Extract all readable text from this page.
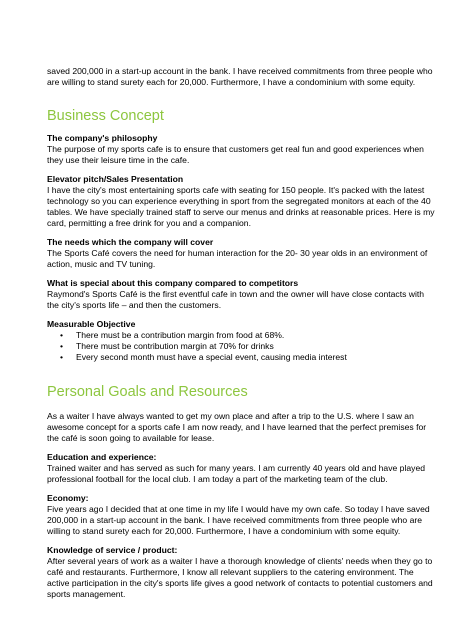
saved 200,000 in a start-up account in the bank. I have received commitments from three people who are willing to stand surety each for 20,000. Furthermore, I have a condominium with some equity.

Business Concept

The company's philosophy

The purpose of my sports cafe is to ensure that customers get real fun and good experiences when they use their leisure time in the cafe.

Elevator pitch/Sales Presentation

I have the city's most entertaining sports cafe with seating for 150 people. It's packed with the latest technology so you can experience everything in sport from the segregated monitors at each of the 40 tables. We have specially trained staff to serve our menus and drinks at reasonable prices. Here is my card, permitting a free drink for you and a companion.

The needs which the company will cover

The Sports Café covers the need for human interaction for the 20- 30 year olds in an environment of action, music and TV tuning.

What is special about this company compared to competitors

Raymond's Sports Café is the first eventful cafe in town and the owner will have close contacts with the city's sports life – and then the customers.

Measurable Objective

• There must be a contribution margin from food at 68%.
• There must be contribution margin at 70% for drinks
• Every second month must have a special event, causing media interest
Personal Goals and Resources

As a waiter I have always wanted to get my own place and after a trip to the U.S. where I saw an awesome concept for a sports cafe I am now ready, and I have learned that the perfect premises for the café is soon going to available for lease.

Education and experience:

Trained waiter and has served as such for many years. I am currently 40 years old and have played professional football for the local club. I am today a part of the marketing team of the club.

Economy:

Five years ago I decided that at one time in my life I would have my own cafe. So today I have saved 200,000 in a start-up account in the bank. I have received commitments from three people who are willing to stand surety each for 20,000. Furthermore, I have a condominium with some equity.

Knowledge of service / product:

After several years of work as a waiter I have a thorough knowledge of clients' needs when they go to café and restaurants. Furthermore, I know all relevant suppliers to the catering environment. The active participation in the city's sports life gives a good network of contacts to potential customers and sports management.
